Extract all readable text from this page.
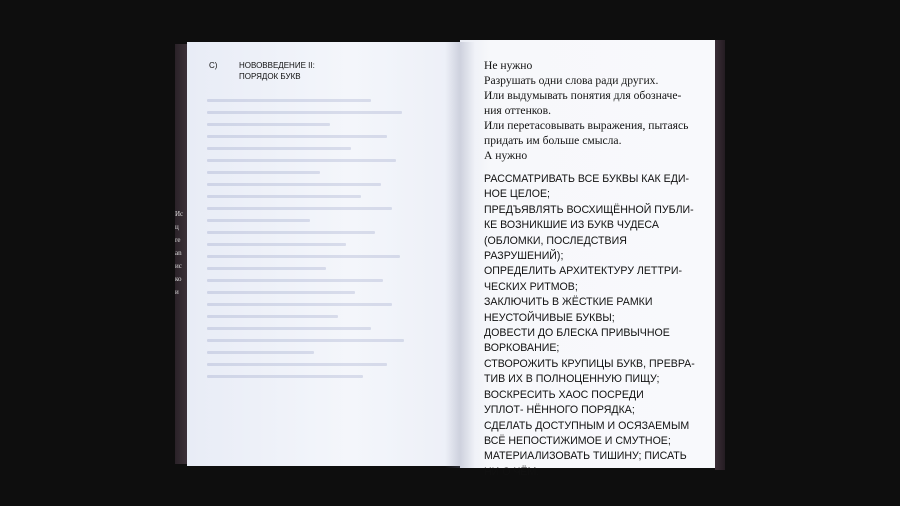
Ис
ц
re
an
ис
ко
и
C)	НОВОВВЕДЕНИЕ II:
ПОРЯДОК БУКВ

Не нужно

Разрушать одни слова ради других.

Или выдумывать понятия для обозначе-

ния оттенков.

Или перетасовывать выражения, пытаясь

придать им больше смысла.

А нужно

РАССМАТРИВАТЬ ВСЕ БУКВЫ КАК ЕДИ-

НОЕ ЦЕЛОЕ;

ПРЕДЪЯВЛЯТЬ ВОСХИЩЁННОЙ ПУБЛИ-

КЕ ВОЗНИКШИЕ ИЗ БУКВ ЧУДЕСА

(ОБЛОМКИ, ПОСЛЕДСТВИЯ

РАЗРУШЕНИЙ);

ОПРЕДЕЛИТЬ АРХИТЕКТУРУ ЛЕТТРИ-

ЧЕСКИХ РИТМОВ;

ЗАКЛЮЧИТЬ В ЖЁСТКИЕ РАМКИ

НЕУСТОЙЧИВЫЕ БУКВЫ;

ДОВЕСТИ ДО БЛЕСКА ПРИВЫЧНОЕ

ВОРКОВАНИЕ;

СТВОРОЖИТЬ КРУПИЦЫ БУКВ, ПРЕВРА-

ТИВ ИХ В ПОЛНОЦЕННУЮ ПИЩУ;

ВОСКРЕСИТЬ ХАОС ПОСРЕДИ

УПЛОТ- НЁННОГО ПОРЯДКА;

СДЕЛАТЬ ДОСТУПНЫМ И ОСЯЗАЕМЫМ

ВСЁ НЕПОСТИЖИМОЕ И СМУТНОЕ;

МАТЕРИАЛИЗОВАТЬ ТИШИНУ; ПИСАТЬ

НИ О ЧЁМ.
